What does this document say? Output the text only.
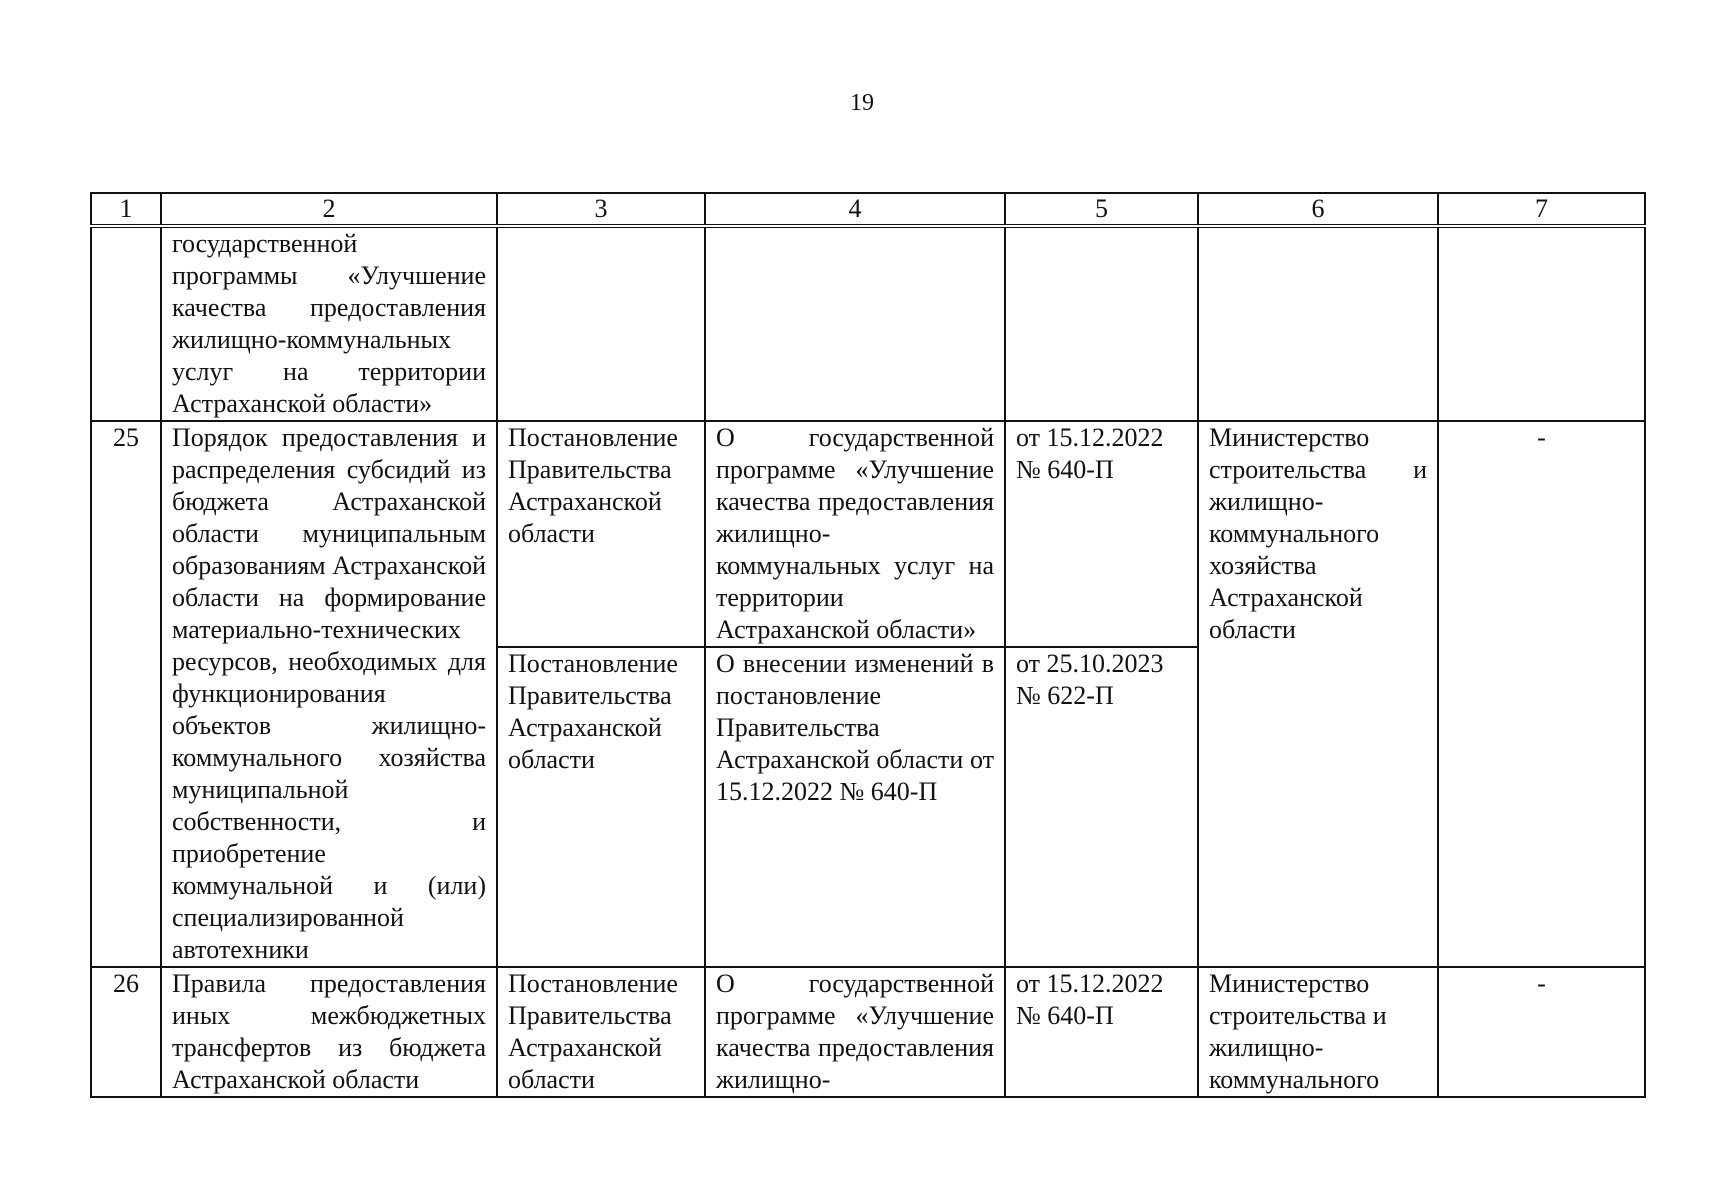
19
1	2	3	4	5	6	7
	государственной программы «Улучшение качества предоставления жилищно-коммунальных услуг на территории Астраханской области»					
25	Порядок предоставления и распределения субсидий из бюджета Астраханской области муниципальным образованиям Астраханской области на формирование материально-технических ресурсов, необходимых для функционирования объектов жилищно-коммунального хозяйства муниципальной собственности, и приобретение коммунальной и (или) специализированной автотехники	Постановление Правительства Астраханской области	О государственной программе «Улучшение качества предоставления жилищно-коммунальных услуг на территории Астраханской области»	от 15.12.2022 № 640-П	Министерство строительства и жилищно-коммунального хозяйства Астраханской области	-
		Постановление Правительства Астраханской области	О внесении изменений в постановление Правительства Астраханской области от 15.12.2022 № 640-П	от 25.10.2023 № 622-П		
26	Правила предоставления иных межбюджетных трансфертов из бюджета Астраханской области	Постановление Правительства Астраханской области	О государственной программе «Улучшение качества предоставления жилищно-	от 15.12.2022 № 640-П	Министерство строительства и жилищно-коммунального	-
